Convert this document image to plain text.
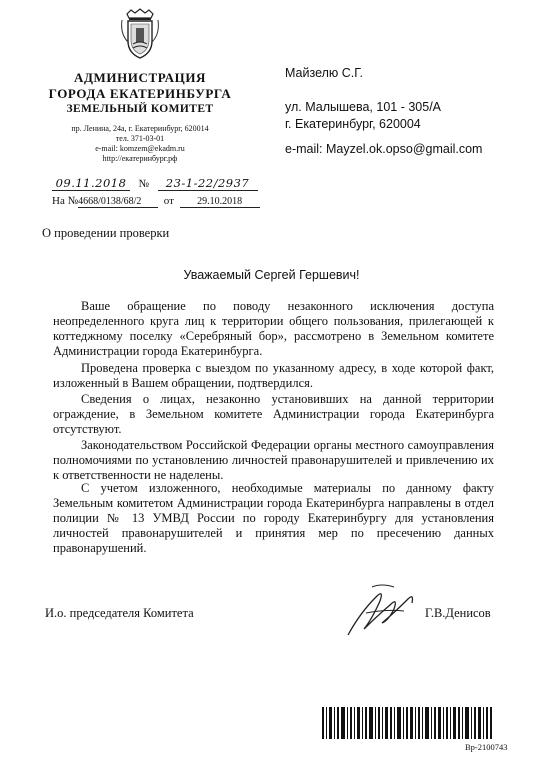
АДМИНИСТРАЦИЯ
ГОРОДА ЕКАТЕРИНБУРГА
ЗЕМЕЛЬНЫЙ КОМИТЕТ
пр. Ленина, 24а, г. Екатеринбург, 620014
тел. 371-03-01
e-mail: komzem@ekadm.ru
http://екатеринбург.рф
09.11.2018 № 23-1-22/2937
На №4668/0138/68/2 от 29.10.2018
Майзелю С.Г.
ул. Малышева, 101 - 305/А
г. Екатеринбург, 620004
e-mail: Mayzel.ok.opso@gmail.com
О проведении проверки
Уважаемый Сергей Гершевич!
Ваше обращение по поводу незаконного исключения доступа неопределенного круга лиц к территории общего пользования, прилегающей к коттеджному поселку «Серебряный бор», рассмотрено в Земельном комитете Администрации города Екатеринбурга.
Проведена проверка с выездом по указанному адресу, в ходе которой факт, изложенный в Вашем обращении, подтвердился.
Сведения о лицах, незаконно установивших на данной территории ограждение, в Земельном комитете Администрации города Екатеринбурга отсутствуют.
Законодательством Российской Федерации органы местного самоуправления полномочиями по установлению личностей правонарушителей и привлечению их к ответственности не наделены.
С учетом изложенного, необходимые материалы по данному факту Земельным комитетом Администрации города Екатеринбурга направлены в отдел полиции № 13 УМВД России по городу Екатеринбургу для установления личностей правонарушителей и принятия мер по пресечению данных правонарушений.
И.о. председателя Комитета	Г.В.Денисов
Вр-2100743
